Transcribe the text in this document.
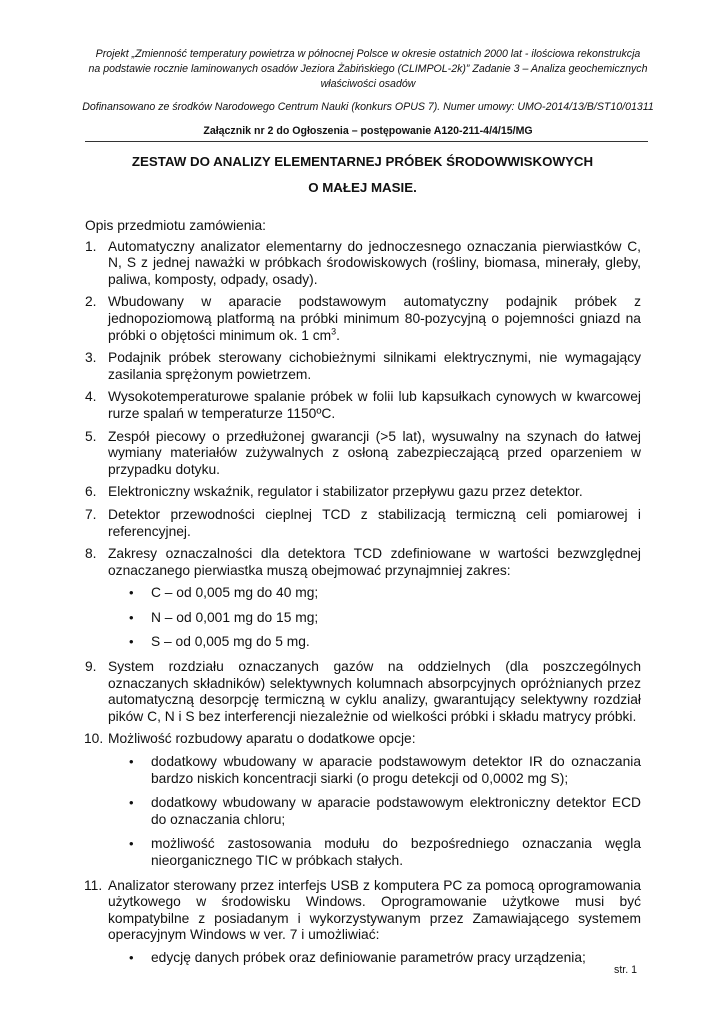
Projekt „Zmienność temperatury powietrza w północnej Polsce w okresie ostatnich 2000 lat - ilościowa rekonstrukcja

na podstawie rocznie laminowanych osadów Jeziora Żabińskiego (CLIMPOL-2k)” Zadanie 3 – Analiza geochemicznych

właściwości osadów

Dofinansowano ze środków Narodowego Centrum Nauki (konkurs OPUS 7). Numer umowy: UMO-2014/13/B/ST10/01311

Załącznik nr 2 do Ogłoszenia – postępowanie A120-211-4/4/15/MG
ZESTAW DO ANALIZY ELEMENTARNEJ PRÓBEK ŚRODOWWISKOWYCH
O MAŁEJ MASIE.

Opis przedmiotu zamówienia:

1. Automatyczny analizator elementarny do jednoczesnego oznaczania pierwiastków C, N, S z jednej naważki w próbkach środowiskowych (rośliny, biomasa, minerały, gleby, paliwa, komposty, odpady, osady).
2. Wbudowany w aparacie podstawowym automatyczny podajnik próbek z jednopoziomową platformą na próbki minimum 80-pozycyjną o pojemności gniazd na próbki o objętości minimum ok. 1 $cm^3$.
3. Podajnik próbek sterowany cichobieżnymi silnikami elektrycznymi, nie wymagający zasilania sprężonym powietrzem.
4. Wysokotemperaturowe spalanie próbek w folii lub kapsułkach cynowych w kwarcowej rurze spalań w temperaturze 1150ºC.
5. Zespół piecowy o przedłużonej gwarancji (>5 lat), wysuwalny na szynach do łatwej wymiany materiałów zużywalnych z osłoną zabezpieczającą przed oparzeniem w przypadku dotyku.
6. Elektroniczny wskaźnik, regulator i stabilizator przepływu gazu przez detektor.
7. Detektor przewodności cieplnej TCD z stabilizacją termiczną celi pomiarowej i referencyjnej.
8. Zakresy oznaczalności dla detektora TCD zdefiniowane w wartości bezwzględnej oznaczanego pierwiastka muszą obejmować przynajmniej zakres:
• C – od 0,005 mg do 40 mg;
• N – od 0,001 mg do 15 mg;
• S – od 0,005 mg do 5 mg.
9. System rozdziału oznaczanych gazów na oddzielnych (dla poszczególnych oznaczanych składników) selektywnych kolumnach absorpcyjnych opróżnianych przez automatyczną desorpcję termiczną w cyklu analizy, gwarantujący selektywny rozdział pików C, N i S bez interferencji niezależnie od wielkości próbki i składu matrycy próbki.
10. Możliwość rozbudowy aparatu o dodatkowe opcje:
• dodatkowy wbudowany w aparacie podstawowym detektor IR do oznaczania bardzo niskich koncentracji siarki (o progu detekcji od 0,0002 mg S);
• dodatkowy wbudowany w aparacie podstawowym elektroniczny detektor ECD do oznaczania chloru;
• możliwość zastosowania modułu do bezpośredniego oznaczania węgla nieorganicznego TIC w próbkach stałych.
11. Analizator sterowany przez interfejs USB z komputera PC za pomocą oprogramowania użytkowego w środowisku Windows. Oprogramowanie użytkowe musi być kompatybilne z posiadanym i wykorzystywanym przez Zamawiającego systemem operacyjnym Windows w ver. 7 i umożliwiać:
• edycję danych próbek oraz definiowanie parametrów pracy urządzenia;
str. 1
